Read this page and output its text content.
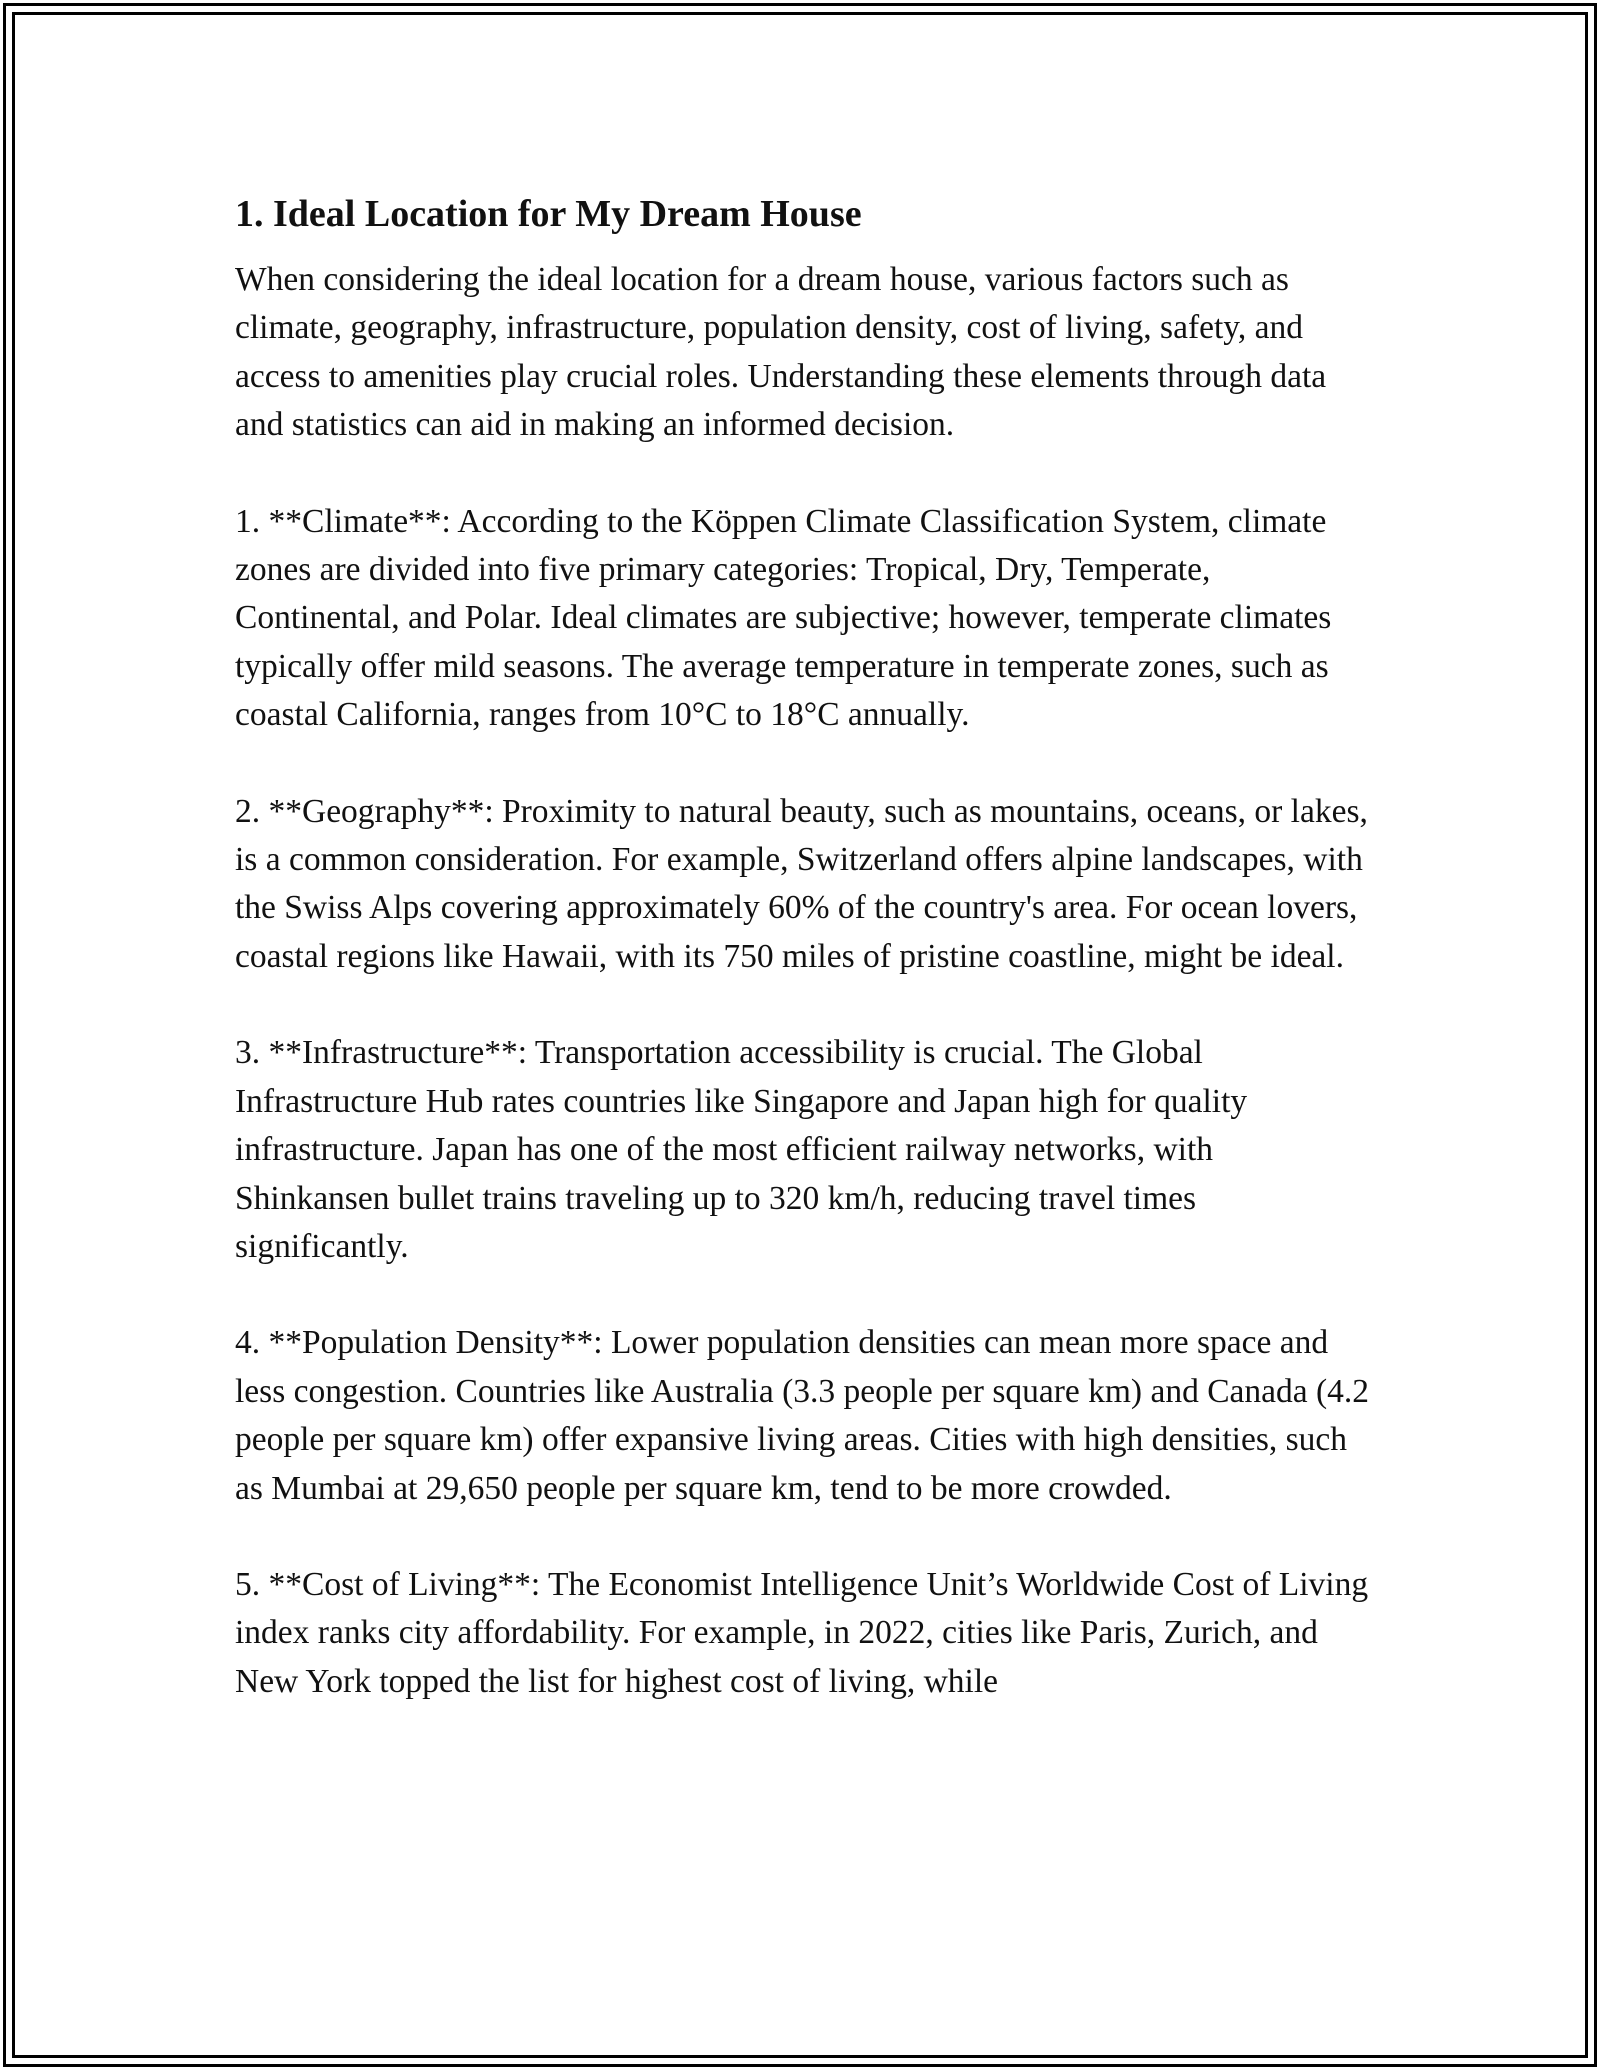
1. Ideal Location for My Dream House

When considering the ideal location for a dream house, various factors such as climate, geography, infrastructure, population density, cost of living, safety, and access to amenities play crucial roles. Understanding these elements through data and statistics can aid in making an informed decision.

1. **Climate**: According to the Köppen Climate Classification System, climate zones are divided into five primary categories: Tropical, Dry, Temperate, Continental, and Polar. Ideal climates are subjective; however, temperate climates typically offer mild seasons. The average temperature in temperate zones, such as coastal California, ranges from 10°C to 18°C annually.

2. **Geography**: Proximity to natural beauty, such as mountains, oceans, or lakes, is a common consideration. For example, Switzerland offers alpine landscapes, with the Swiss Alps covering approximately 60% of the country's area. For ocean lovers, coastal regions like Hawaii, with its 750 miles of pristine coastline, might be ideal.

3. **Infrastructure**: Transportation accessibility is crucial. The Global Infrastructure Hub rates countries like Singapore and Japan high for quality infrastructure. Japan has one of the most efficient railway networks, with Shinkansen bullet trains traveling up to 320 km/h, reducing travel times significantly.

4. **Population Density**: Lower population densities can mean more space and less congestion. Countries like Australia (3.3 people per square km) and Canada (4.2 people per square km) offer expansive living areas. Cities with high densities, such as Mumbai at 29,650 people per square km, tend to be more crowded.

5. **Cost of Living**: The Economist Intelligence Unit’s Worldwide Cost of Living index ranks city affordability. For example, in 2022, cities like Paris, Zurich, and New York topped the list for highest cost of living, while
